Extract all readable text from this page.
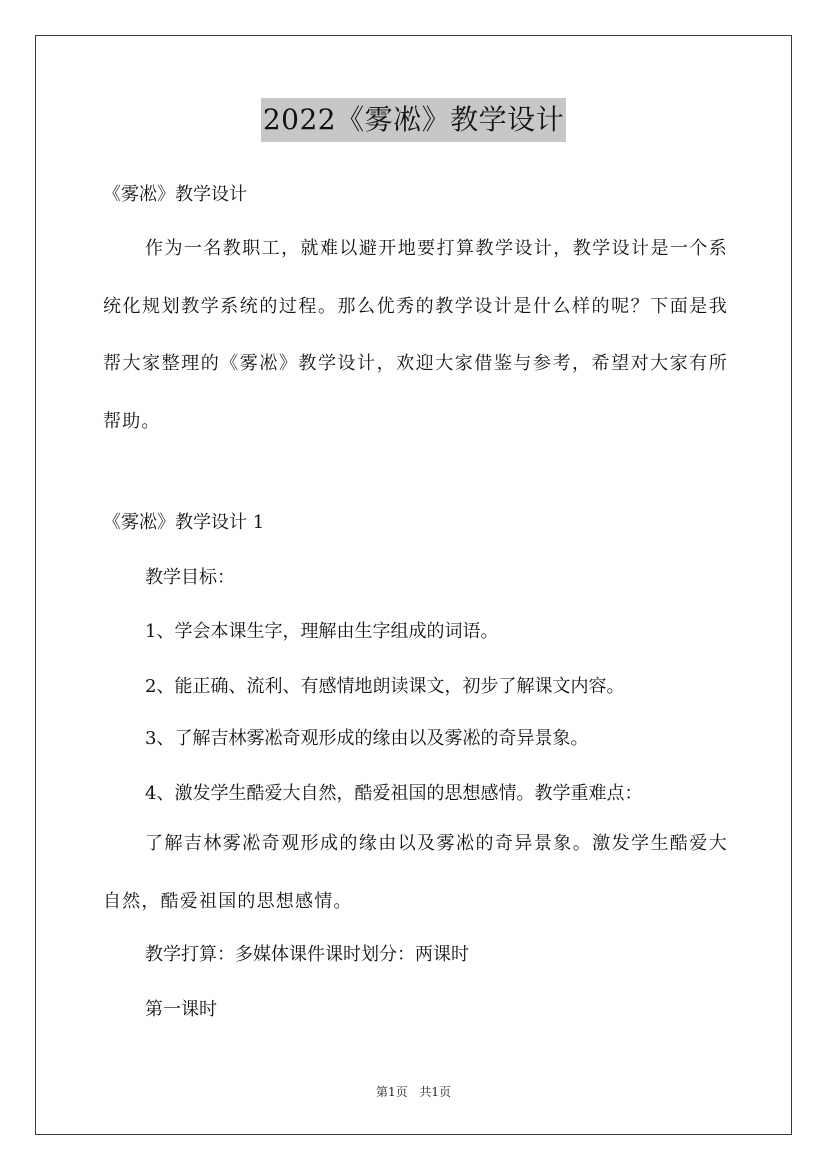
2022《雾凇》教学设计
《雾凇》教学设计
作为一名教职工，就难以避开地要打算教学设计，教学设计是一个系统化规划教学系统的过程。那么优秀的教学设计是什么样的呢？下面是我帮大家整理的《雾凇》教学设计，欢迎大家借鉴与参考，希望对大家有所帮助。
《雾凇》教学设计 1
教学目标：
1、学会本课生字，理解由生字组成的词语。
2、能正确、流利、有感情地朗读课文，初步了解课文内容。
3、了解吉林雾凇奇观形成的缘由以及雾凇的奇异景象。
4、激发学生酷爱大自然，酷爱祖国的思想感情。教学重难点：
了解吉林雾凇奇观形成的缘由以及雾凇的奇异景象。激发学生酷爱大自然，酷爱祖国的思想感情。
教学打算：多媒体课件课时划分：两课时
第一课时
第1页 共1页
